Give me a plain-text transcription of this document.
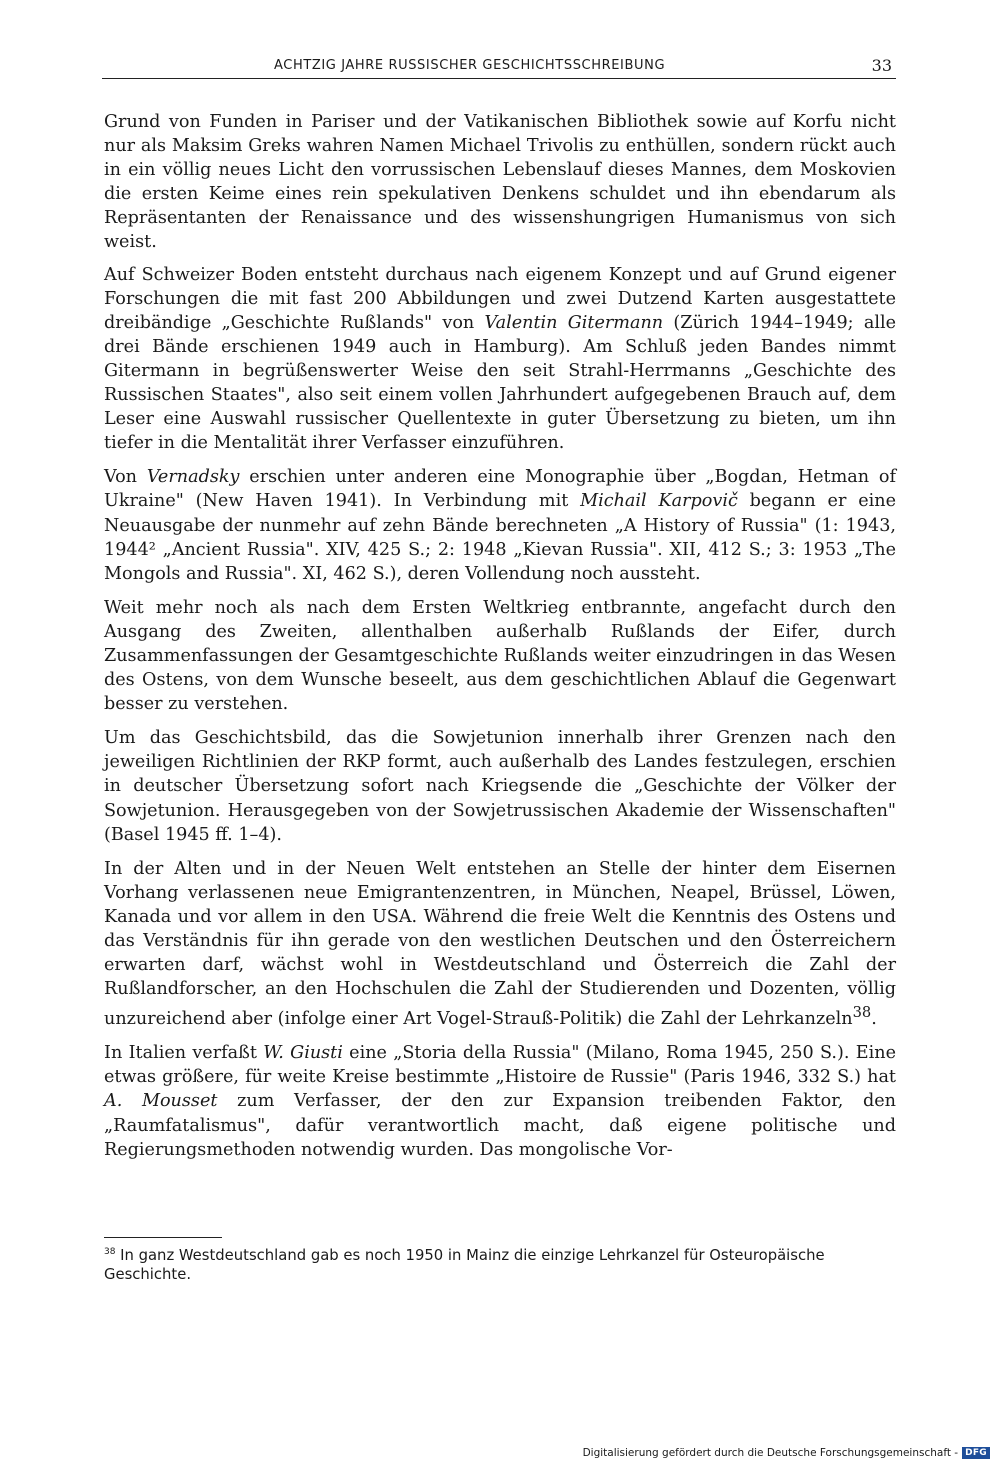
ACHTZIG JAHRE RUSSISCHER GESCHICHTSSCHREIBUNG	33

Grund von Funden in Pariser und der Vatikanischen Bibliothek sowie auf Korfu nicht nur als Maksim Greks wahren Namen Michael Trivolis zu enthüllen, sondern rückt auch in ein völlig neues Licht den vorrussischen Lebenslauf dieses Mannes, dem Moskovien die ersten Keime eines rein spekulativen Denkens schuldet und ihn ebendarum als Repräsentanten der Renaissance und des wissenshungrigen Humanismus von sich weist.

Auf Schweizer Boden entsteht durchaus nach eigenem Konzept und auf Grund eigener Forschungen die mit fast 200 Abbildungen und zwei Dutzend Karten ausgestattete dreibändige „Geschichte Rußlands" von Valentin Gitermann (Zürich 1944–1949; alle drei Bände erschienen 1949 auch in Hamburg). Am Schluß jeden Bandes nimmt Gitermann in begrüßenswerter Weise den seit Strahl-Herrmanns „Geschichte des Russischen Staates", also seit einem vollen Jahrhundert aufgegebenen Brauch auf, dem Leser eine Auswahl russischer Quellentexte in guter Übersetzung zu bieten, um ihn tiefer in die Mentalität ihrer Verfasser einzuführen.

Von Vernadsky erschien unter anderen eine Monographie über „Bogdan, Hetman of Ukraine" (New Haven 1941). In Verbindung mit Michail Karpovič begann er eine Neuausgabe der nunmehr auf zehn Bände berechneten „A History of Russia" (1: 1943, 1944² „Ancient Russia". XIV, 425 S.; 2: 1948 „Kievan Russia". XII, 412 S.; 3: 1953 „The Mongols and Russia". XI, 462 S.), deren Vollendung noch aussteht.

Weit mehr noch als nach dem Ersten Weltkrieg entbrannte, angefacht durch den Ausgang des Zweiten, allenthalben außerhalb Rußlands der Eifer, durch Zusammenfassungen der Gesamtgeschichte Rußlands weiter einzudringen in das Wesen des Ostens, von dem Wunsche beseelt, aus dem geschichtlichen Ablauf die Gegenwart besser zu verstehen.

Um das Geschichtsbild, das die Sowjetunion innerhalb ihrer Grenzen nach den jeweiligen Richtlinien der RKP formt, auch außerhalb des Landes festzulegen, erschien in deutscher Übersetzung sofort nach Kriegsende die „Geschichte der Völker der Sowjetunion. Herausgegeben von der Sowjetrussischen Akademie der Wissenschaften" (Basel 1945 ff. 1–4).

In der Alten und in der Neuen Welt entstehen an Stelle der hinter dem Eisernen Vorhang verlassenen neue Emigrantenzentren, in München, Neapel, Brüssel, Löwen, Kanada und vor allem in den USA. Während die freie Welt die Kenntnis des Ostens und das Verständnis für ihn gerade von den westlichen Deutschen und den Österreichern erwarten darf, wächst wohl in Westdeutschland und Österreich die Zahl der Rußlandforscher, an den Hochschulen die Zahl der Studierenden und Dozenten, völlig unzureichend aber (infolge einer Art Vogel-Strauß-Politik) die Zahl der Lehrkanzeln$^{38}$.

In Italien verfaßt W. Giusti eine „Storia della Russia" (Milano, Roma 1945, 250 S.). Eine etwas größere, für weite Kreise bestimmte „Histoire de Russie" (Paris 1946, 332 S.) hat A. Mousset zum Verfasser, der den zur Expansion treibenden Faktor, den „Raumfatalismus", dafür verantwortlich macht, daß eigene politische und Regierungsmethoden notwendig wurden. Das mongolische Vor-

$^{38}$ In ganz Westdeutschland gab es noch 1950 in Mainz die einzige Lehrkanzel für Osteuropäische Geschichte.
Digitalisierung gefördert durch die Deutsche Forschungsgemeinschaft - DFG
